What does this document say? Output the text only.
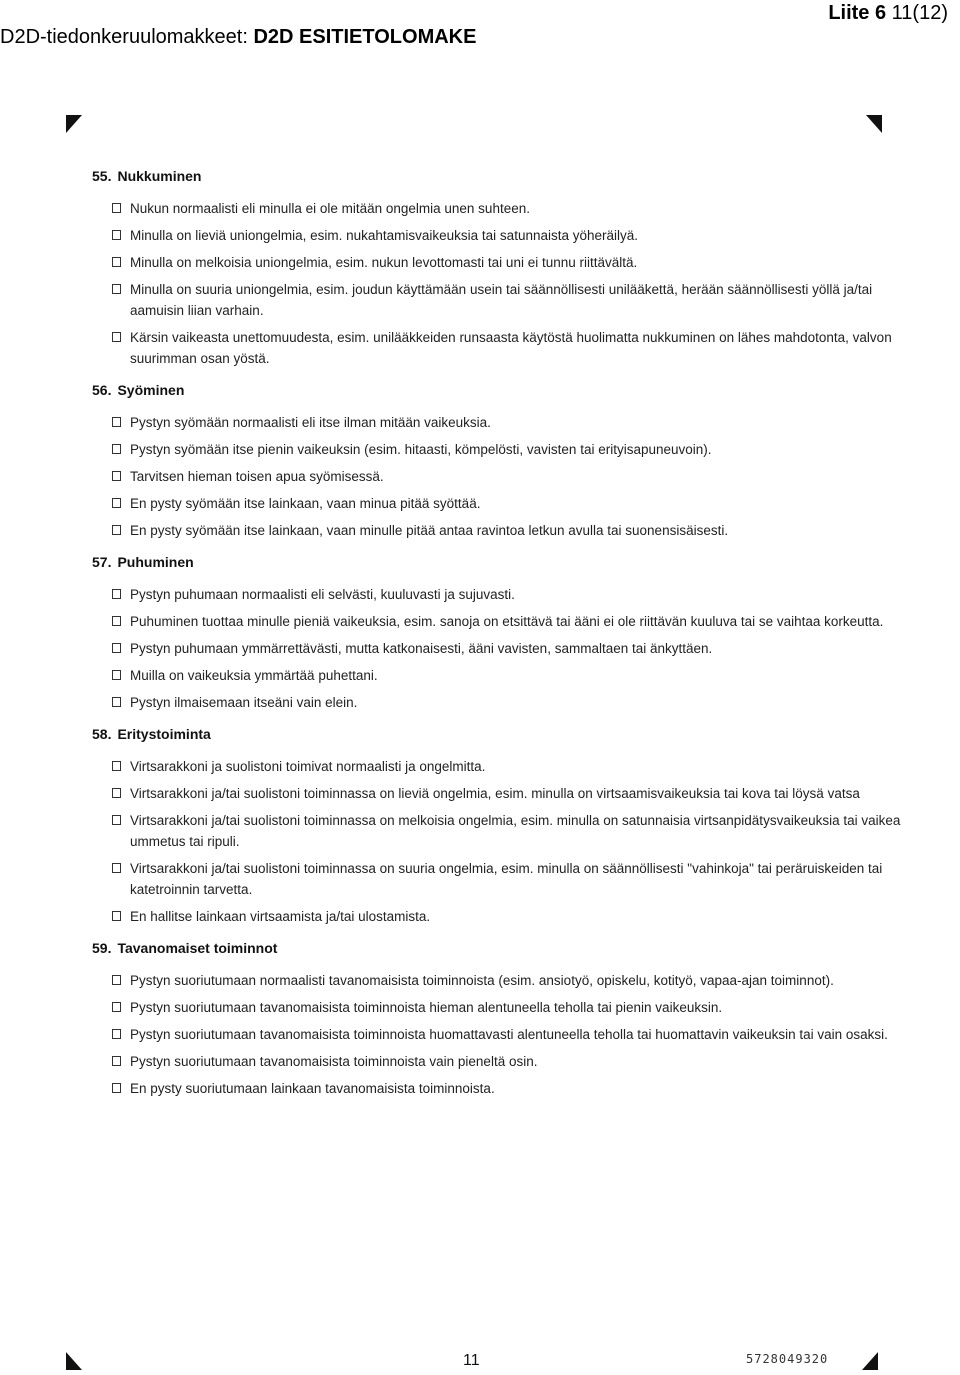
D2D-tiedonkeruulomakkeet: D2D ESITIETOLOMAKE
Liite 6 11(12)
55. Nukkuminen
Nukun normaalisti eli minulla ei ole mitään ongelmia unen suhteen.
Minulla on lieviä uniongelmia, esim. nukahtamisvaikeuksia tai satunnaista yöheräilyä.
Minulla on melkoisia uniongelmia, esim. nukun levottomasti tai uni ei tunnu riittävältä.
Minulla on suuria uniongelmia, esim. joudun käyttämään usein tai säännöllisesti unilääkettä, herään säännöllisesti yöllä ja/tai aamuisin liian varhain.
Kärsin vaikeasta unettomuudesta, esim. unilääkkeiden runsaasta käytöstä huolimatta nukkuminen on lähes mahdotonta, valvon suurimman osan yöstä.
56. Syöminen
Pystyn syömään normaalisti eli itse ilman mitään vaikeuksia.
Pystyn syömään itse pienin vaikeuksin (esim. hitaasti, kömpelösti, vavisten tai erityisapuneuvoin).
Tarvitsen hieman toisen apua syömisessä.
En pysty syömään itse lainkaan, vaan minua pitää syöttää.
En pysty syömään itse lainkaan, vaan minulle pitää antaa ravintoa letkun avulla tai suonensisäisesti.
57. Puhuminen
Pystyn puhumaan normaalisti eli selvästi, kuuluvasti ja sujuvasti.
Puhuminen tuottaa minulle pieniä vaikeuksia, esim. sanoja on etsittävä tai ääni ei ole riittävän kuuluva tai se vaihtaa korkeutta.
Pystyn puhumaan ymmärrettävästi, mutta katkonaisesti, ääni vavisten, sammaltaen tai änkyttäen.
Muilla on vaikeuksia ymmärtää puhettani.
Pystyn ilmaisemaan itseäni vain elein.
58. Eritystoiminta
Virtsarakkoni ja suolistoni toimivat normaalisti ja ongelmitta.
Virtsarakkoni ja/tai suolistoni toiminnassa on lieviä ongelmia, esim. minulla on virtsaamisvaikeuksia tai kova tai löysä vatsa
Virtsarakkoni ja/tai suolistoni toiminnassa on melkoisia ongelmia, esim. minulla on satunnaisia virtsanpidätysvaikeuksia tai vaikea ummetus tai ripuli.
Virtsarakkoni ja/tai suolistoni toiminnassa on suuria ongelmia, esim. minulla on säännöllisesti "vahinkoja" tai peräruiskeiden tai katetroinnin tarvetta.
En hallitse lainkaan virtsaamista ja/tai ulostamista.
59. Tavanomaiset toiminnot
Pystyn suoriutumaan normaalisti tavanomaisista toiminnoista (esim. ansiotyö, opiskelu, kotityö, vapaa-ajan toiminnot).
Pystyn suoriutumaan tavanomaisista toiminnoista hieman alentuneella teholla tai pienin vaikeuksin.
Pystyn suoriutumaan tavanomaisista toiminnoista huomattavasti alentuneella teholla tai huomattavin vaikeuksin tai vain osaksi.
Pystyn suoriutumaan tavanomaisista toiminnoista vain pieneltä osin.
En pysty suoriutumaan lainkaan tavanomaisista toiminnoista.
11	5728049320
